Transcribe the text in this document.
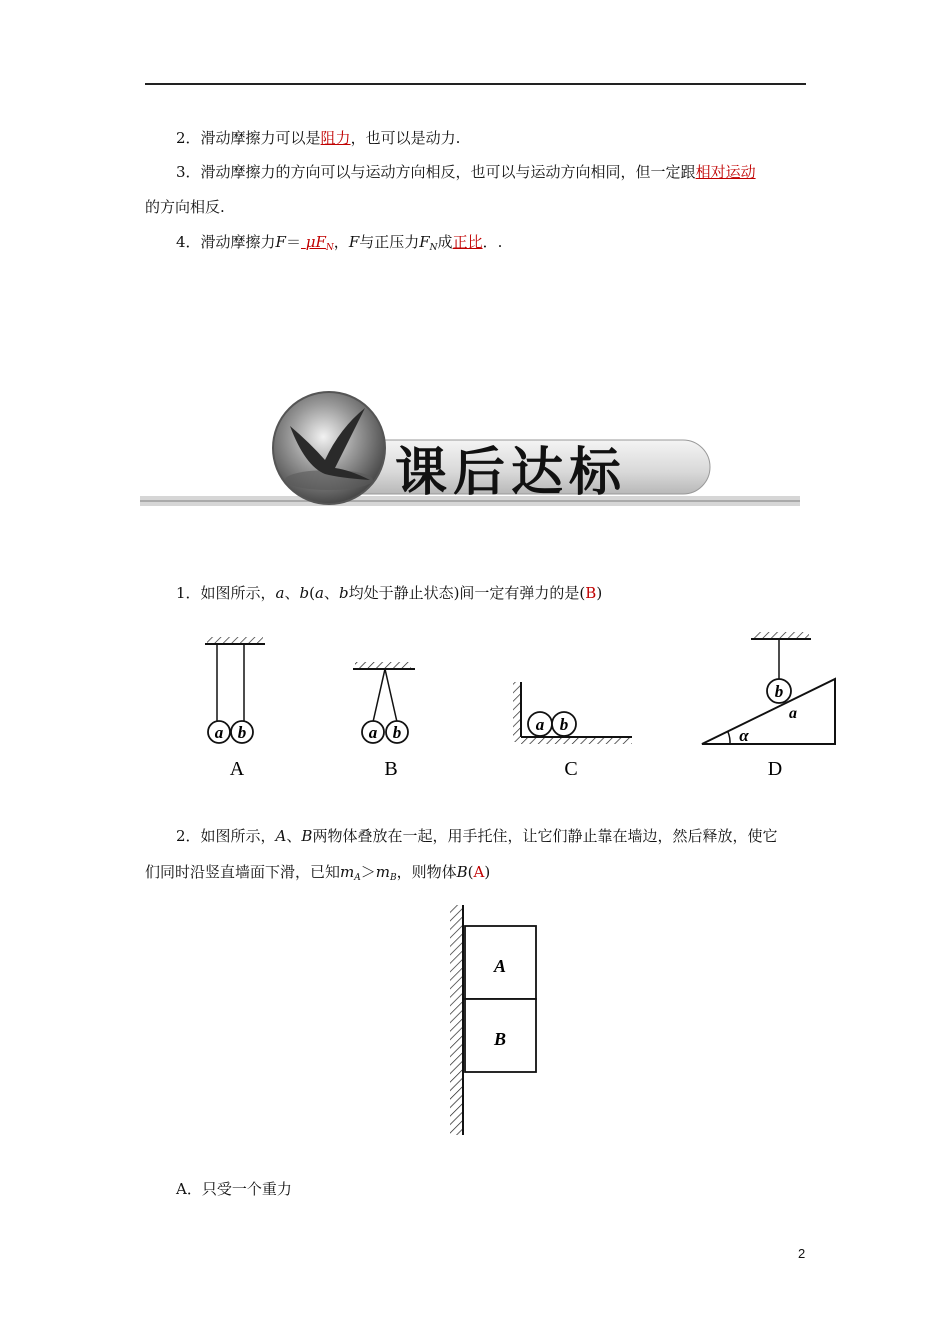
2．滑动摩擦力可以是阻力，也可以是动力.
3．滑动摩擦力的方向可以与运动方向相反，也可以与运动方向相同，但一定跟相对运动
的方向相反.
4．滑动摩擦力$F= \mu F_N$，F与正压力$F_N$成正比．.
课后达标
1．如图所示，a、b(a、b均处于静止状态)间一定有弹力的是(B)
a b
A
a b
B
a b
C
b
a
α
D
2．如图所示，A、B两物体叠放在一起，用手托住，让它们静止靠在墙边，然后释放，使它
们同时沿竖直墙面下滑，已知$m_A>m_B$，则物体B(A)
A
B
A．只受一个重力
2
